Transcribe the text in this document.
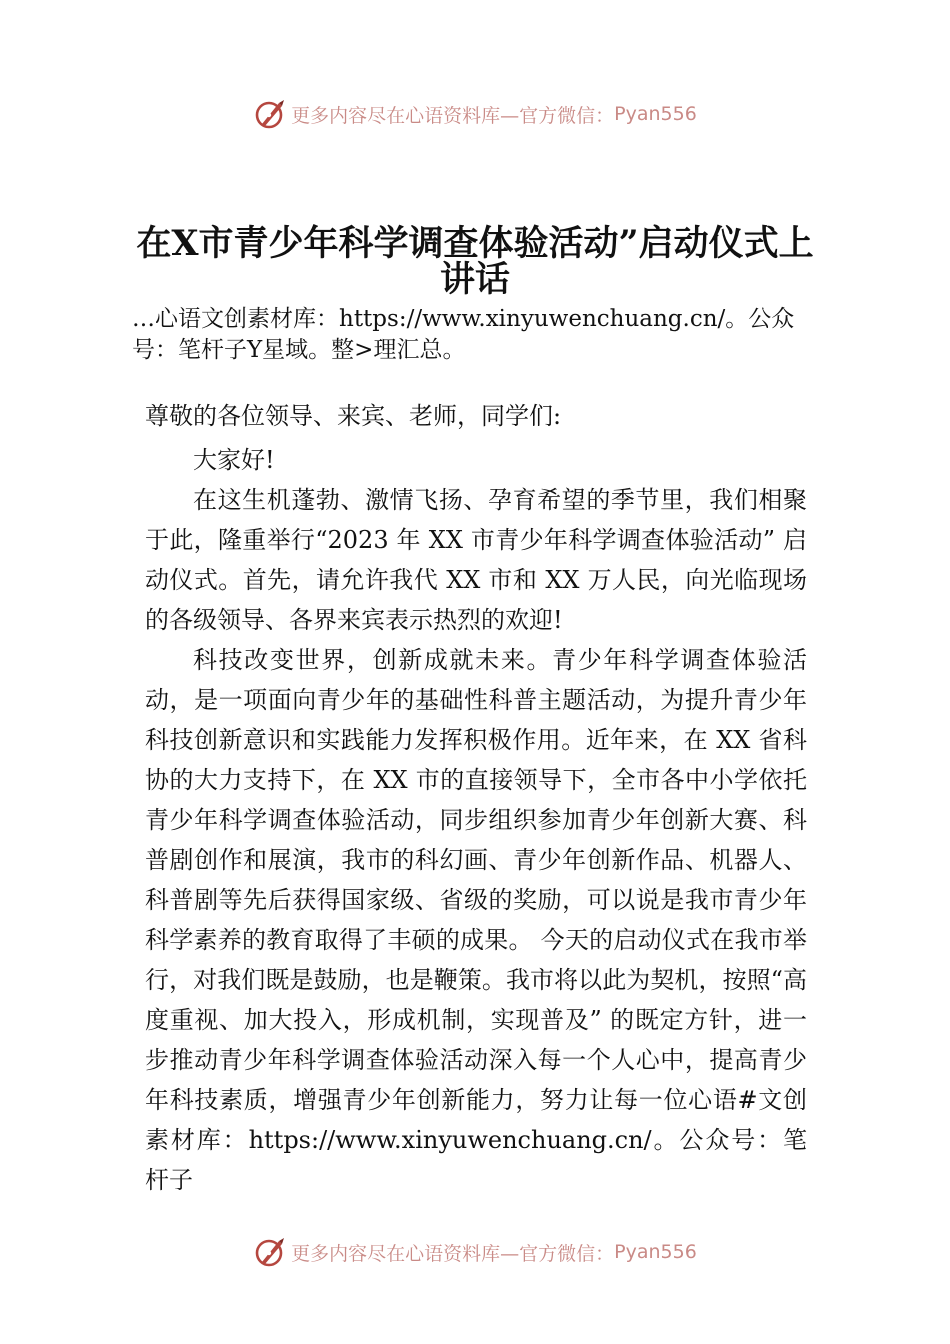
更多内容尽在心语资料库—官方微信： Pyan556
在X市青少年科学调查体验活动”启动仪式上讲话
…心语文创素材库：https://www.xinyuwenchuang.cn/。公众号：笔杆子Y星域。整>理汇总。
尊敬的各位领导、来宾、老师，同学们:

大家好!

在这生机蓬勃、激情飞扬、孕育希望的季节里，我们相聚于此，隆重举行“2023 年 XX 市青少年科学调查体验活动” 启动仪式。首先，请允许我代 XX 市和 XX 万人民，向光临现场的各级领导、各界来宾表示热烈的欢迎!

科技改变世界，创新成就未来。青少年科学调查体验活动，是一项面向青少年的基础性科普主题活动，为提升青少年科技创新意识和实践能力发挥积极作用。近年来，在 XX 省科协的大力支持下，在 XX 市的直接领导下，全市各中小学依托青少年科学调查体验活动，同步组织参加青少年创新大赛、科普剧创作和展演，我市的科幻画、青少年创新作品、机器人、科普剧等先后获得国家级、省级的奖励，可以说是我市青少年科学素养的教育取得了丰硕的成果。 今天的启动仪式在我市举行，对我们既是鼓励，也是鞭策。我市将以此为契机，按照“高度重视、加大投入，形成机制，实现普及” 的既定方针，进一步推动青少年科学调查体验活动深入每一个人心中，提高青少年科技素质，增强青少年创新能力，努力让每一位心语#文创素材库：https://www.xinyuwenchuang.cn/。公众号：笔杆子

更多内容尽在心语资料库—官方微信： Pyan556
